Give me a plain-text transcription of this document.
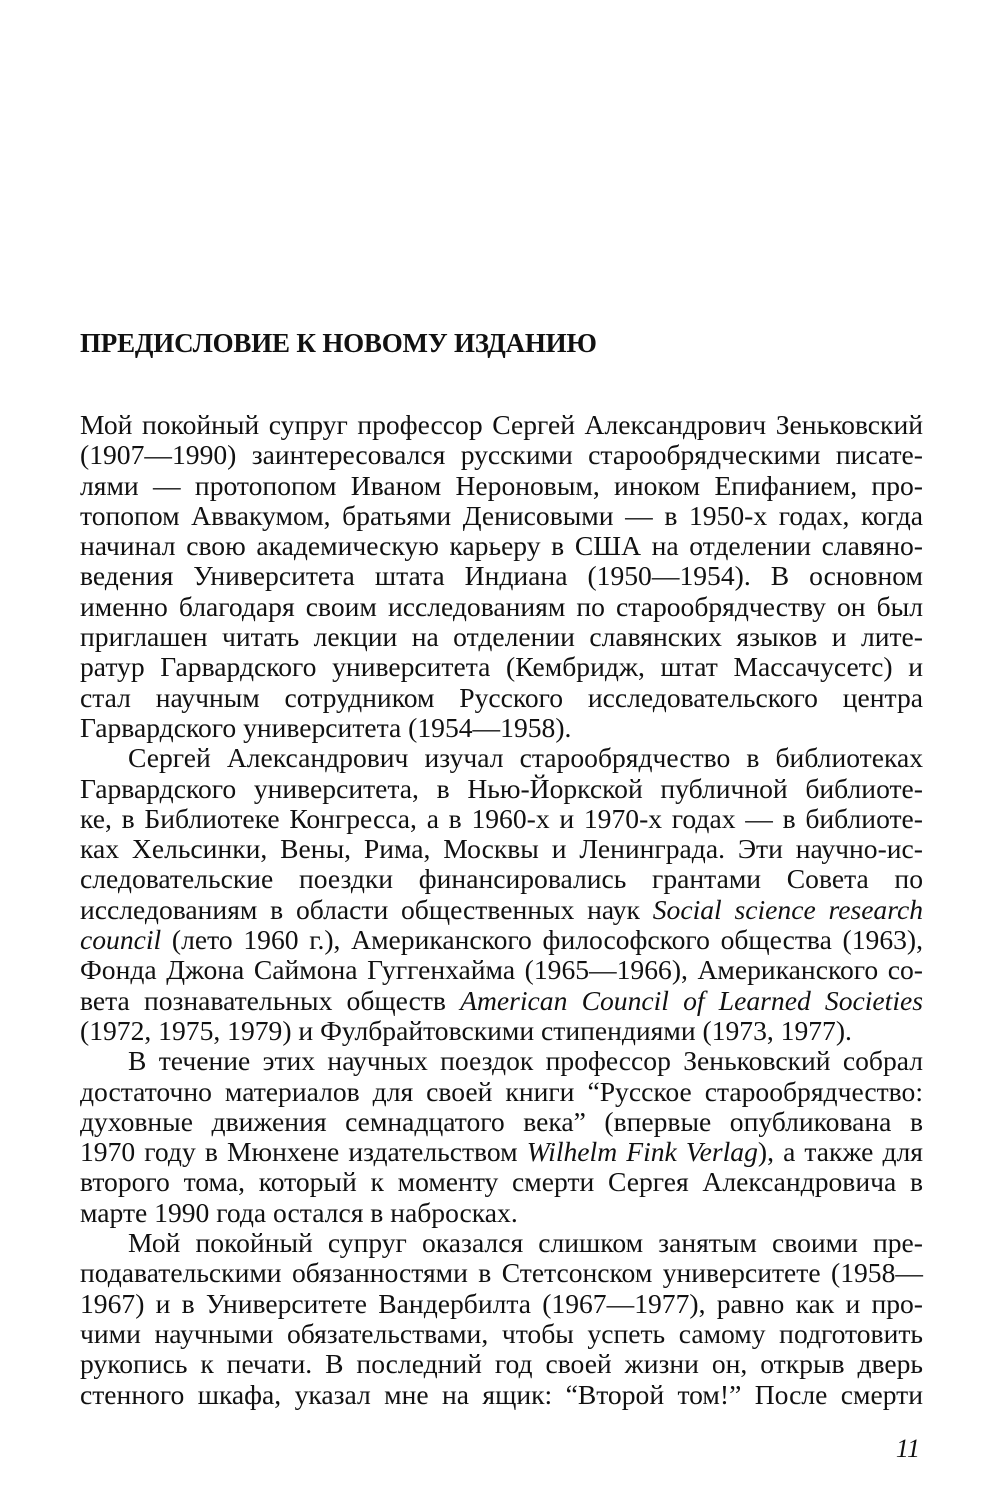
ПРЕДИСЛОВИЕ К НОВОМУ ИЗДАНИЮ
Мой покойный супруг профессор Сергей Александрович Зеньковский
(1907—1990) заинтересовался русскими старообрядческими писате-
лями — протопопом Иваном Нероновым, иноком Епифанием, про-
топопом Аввакумом, братьями Денисовыми — в 1950-х годах, когда
начинал свою академическую карьеру в США на отделении славяно-
ведения Университета штата Индиана (1950—1954). В основном
именно благодаря своим исследованиям по старообрядчеству он был
приглашен читать лекции на отделении славянских языков и лите-
ратур Гарвардского университета (Кембридж, штат Массачусетс) и
стал научным сотрудником Русского исследовательского центра
Гарвардского университета (1954—1958).
Сергей Александрович изучал старообрядчество в библиотеках
Гарвардского университета, в Нью-Йоркской публичной библиоте-
ке, в Библиотеке Конгресса, а в 1960-х и 1970-х годах — в библиоте-
ках Хельсинки, Вены, Рима, Москвы и Ленинграда. Эти научно-ис-
следовательские поездки финансировались грантами Совета по
исследованиям в области общественных наук Social science research
council (лето 1960 г.), Американского философского общества (1963),
Фонда Джона Саймона Гуггенхайма (1965—1966), Американского со-
вета познавательных обществ American Council of Learned Societies
(1972, 1975, 1979) и Фулбрайтовскими стипендиями (1973, 1977).
В течение этих научных поездок профессор Зеньковский собрал
достаточно материалов для своей книги “Русское старообрядчество:
духовные движения семнадцатого века” (впервые опубликована в
1970 году в Мюнхене издательством Wilhelm Fink Verlag), а также для
второго тома, который к моменту смерти Сергея Александровича в
марте 1990 года остался в набросках.
Мой покойный супруг оказался слишком занятым своими пре-
подавательскими обязанностями в Стетсонском университете (1958—
1967) и в Университете Вандербилта (1967—1977), равно как и про-
чими научными обязательствами, чтобы успеть самому подготовить
рукопись к печати. В последний год своей жизни он, открыв дверь
стенного шкафа, указал мне на ящик: “Второй том!” После смерти
11
